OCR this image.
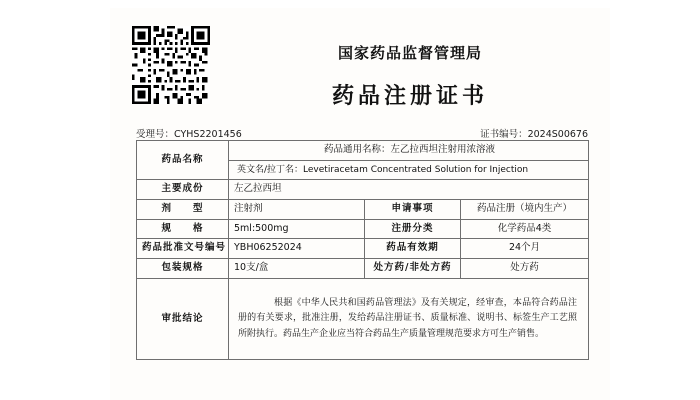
国家药品监督管理局
药品注册证书
受理号：CYHS2201456	证书编号：2024S00676
药品名称	药品通用名称：左乙拉西坦注射用浓溶液
英文名/拉丁名：Levetiracetam Concentrated Solution for Injection		

主要成份	左乙拉西坦		
剂　　型	注射剂	申请事项	药品注册（境内生产）
规　　格	5ml:500mg	注册分类	化学药品4类
药品批准文号编号	YBH06252024	药品有效期	24个月
包装规格	10支/盒	处方药/非处方药	处方药
审批结论	根据《中华人民共和国药品管理法》及有关规定，经审查，本品符合药品注册的有关要求，批准注册，发给药品注册证书、质量标准、说明书、标签生产工艺照所附执行。药品生产企业应当符合药品生产质量管理规范要求方可生产销售。		
